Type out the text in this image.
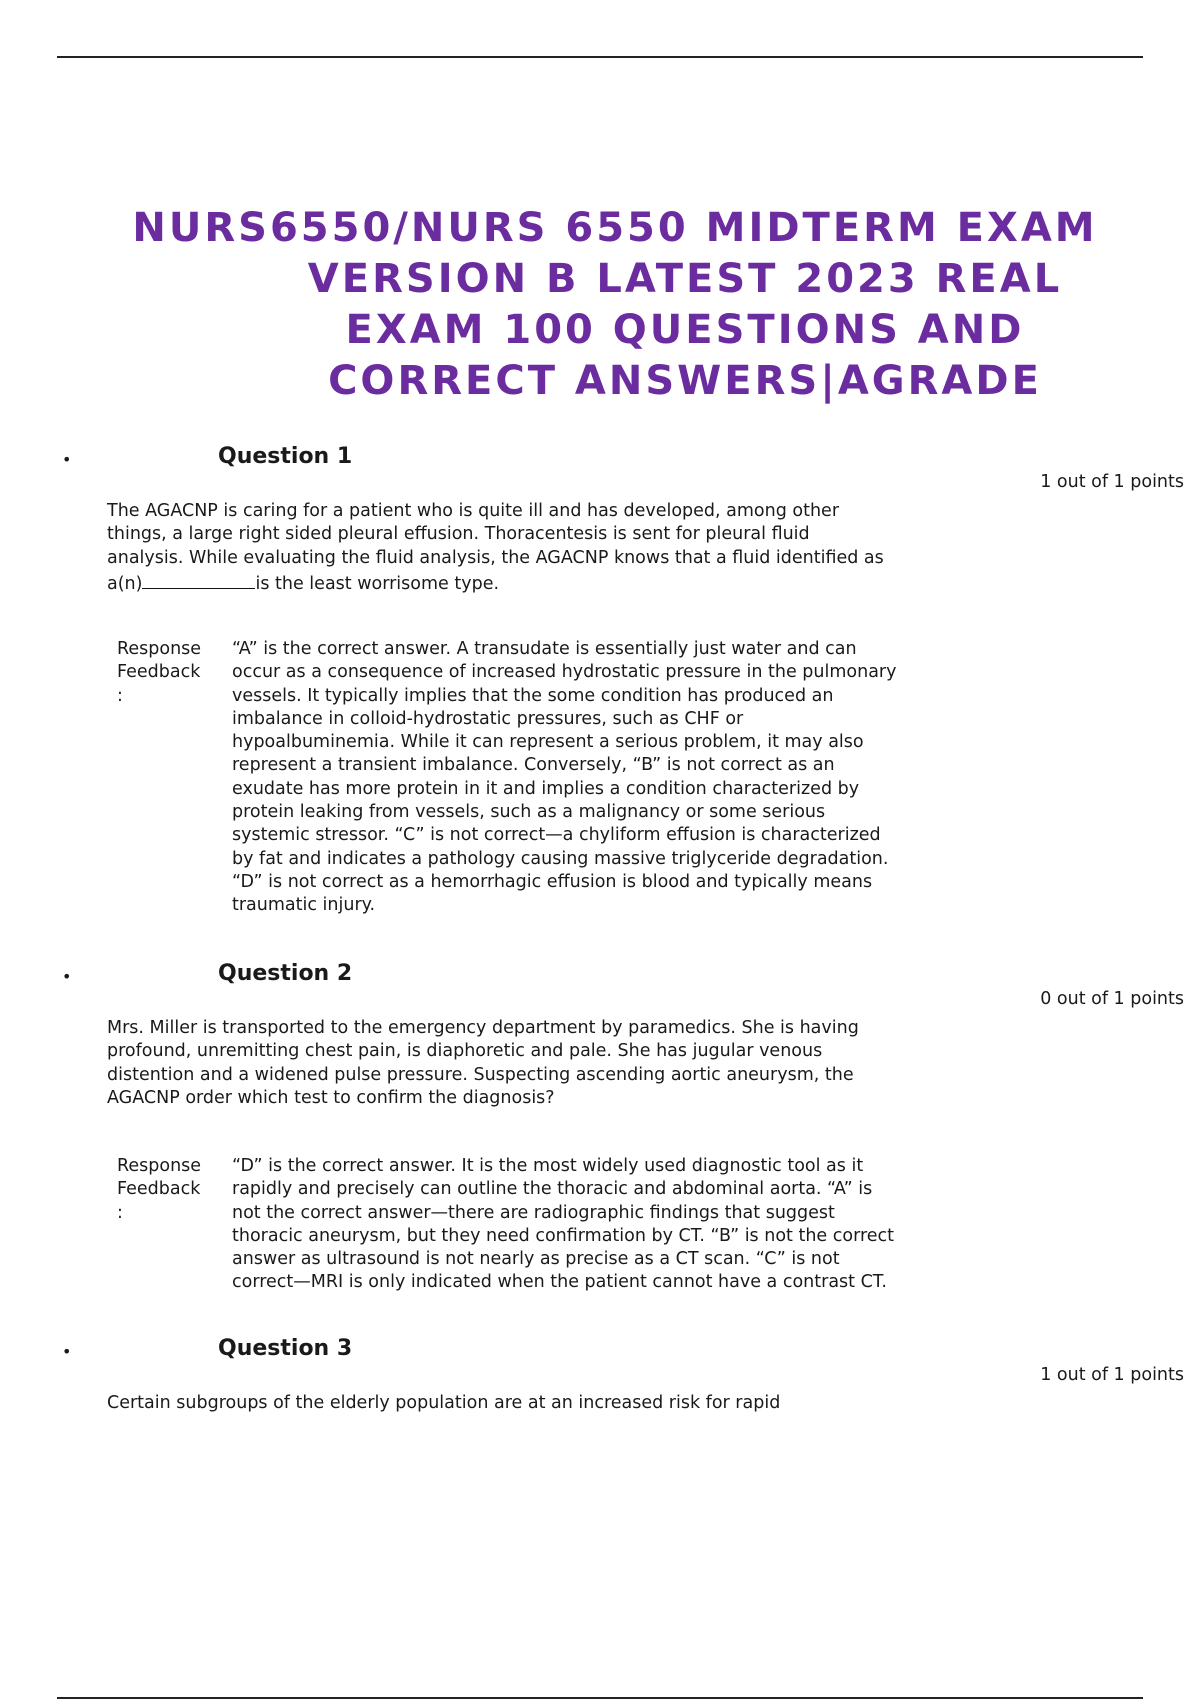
NURS6550/NURS 6550 MIDTERM EXAM
VERSION B LATEST 2023 REAL
EXAM 100 QUESTIONS AND
CORRECT ANSWERS|AGRADE
•	Question 1
1 out of 1 points
The AGACNP is caring for a patient who is quite ill and has developed, among other
things, a large right sided pleural effusion. Thoracentesis is sent for pleural fluid
analysis. While evaluating the fluid analysis, the AGACNP knows that a fluid identified as
a(n)	is the least worrisome type.
Response
Feedback
:
“A” is the correct answer. A transudate is essentially just water and can
occur as a consequence of increased hydrostatic pressure in the pulmonary
vessels. It typically implies that the some condition has produced an
imbalance in colloid-hydrostatic pressures, such as CHF or
hypoalbuminemia. While it can represent a serious problem, it may also
represent a transient imbalance. Conversely, “B” is not correct as an
exudate has more protein in it and implies a condition characterized by
protein leaking from vessels, such as a malignancy or some serious
systemic stressor. “C” is not correct—a chyliform effusion is characterized
by fat and indicates a pathology causing massive triglyceride degradation.
“D” is not correct as a hemorrhagic effusion is blood and typically means
traumatic injury.
•	Question 2
0 out of 1 points
Mrs. Miller is transported to the emergency department by paramedics. She is having
profound, unremitting chest pain, is diaphoretic and pale. She has jugular venous
distention and a widened pulse pressure. Suspecting ascending aortic aneurysm, the
AGACNP order which test to confirm the diagnosis?
Response
Feedback
:
“D” is the correct answer. It is the most widely used diagnostic tool as it
rapidly and precisely can outline the thoracic and abdominal aorta. “A” is
not the correct answer—there are radiographic findings that suggest
thoracic aneurysm, but they need confirmation by CT. “B” is not the correct
answer as ultrasound is not nearly as precise as a CT scan. “C” is not
correct—MRI is only indicated when the patient cannot have a contrast CT.
•	Question 3
1 out of 1 points
Certain subgroups of the elderly population are at an increased risk for rapid
